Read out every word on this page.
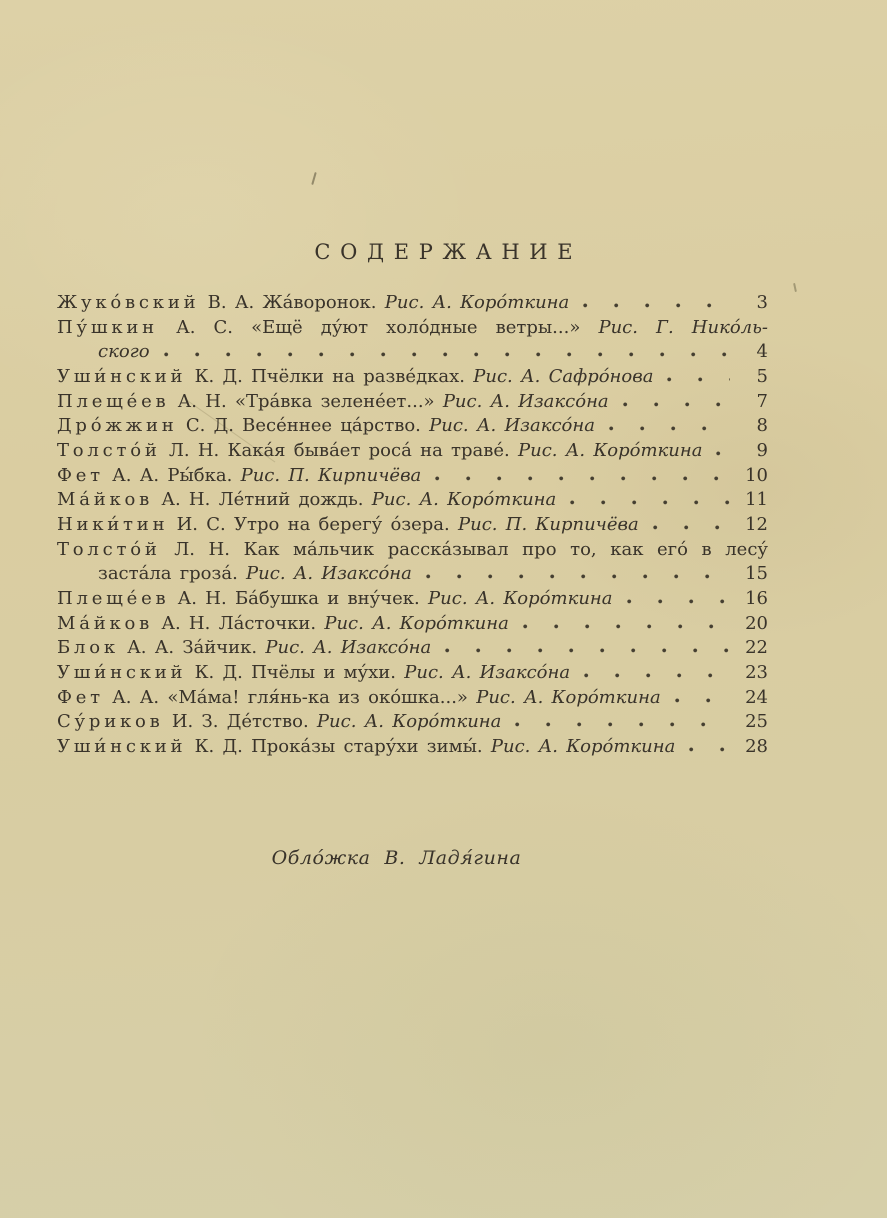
СОДЕРЖАНИЕ
Жуко́вский В. А. Жа́воронок. Рис. А. Коро́ткина	3
Пу́шкин А. С. «Ещё ду́ют холо́дные ветры...» Рис. Г. Нико́ль-
ского	4
Уши́нский К. Д. Пчёлки на разве́дках. Рис. А. Сафро́нова	5
Плеще́ев А. Н. «Тра́вка зелене́ет...» Рис. А. Изаксо́на	7
Дро́жжин С. Д. Весе́ннее ца́рство. Рис. А. Изаксо́на	8
Толсто́й Л. Н. Кака́я быва́ет роса́ на траве́. Рис. А. Коро́ткина	9
Фет А. А. Ры́бка. Рис. П. Кирпичёва	10
Ма́йков А. Н. Ле́тний дождь. Рис. А. Коро́ткина	11
Ники́тин И. С. Утро на берегу́ о́зера. Рис. П. Кирпичёва	12
Толсто́й Л. Н. Как ма́льчик расска́зывал про то, как его́ в лесу́
заста́ла гроза́. Рис. А. Изаксо́на	15
Плеще́ев А. Н. Ба́бушка и вну́чек. Рис. А. Коро́ткина	16
Ма́йков А. Н. Ла́сточки. Рис. А. Коро́ткина	20
Блок А. А. За́йчик. Рис. А. Изаксо́на	22
Уши́нский К. Д. Пчёлы и му́хи. Рис. А. Изаксо́на	23
Фет А. А. «Ма́ма! гля́нь-ка из око́шка...» Рис. А. Коро́ткина	24
Су́риков И. З. Де́тство. Рис. А. Коро́ткина	25
Уши́нский К. Д. Прока́зы стару́хи зимы́. Рис. А. Коро́ткина	28
Обло́жка В. Ладя́гина
